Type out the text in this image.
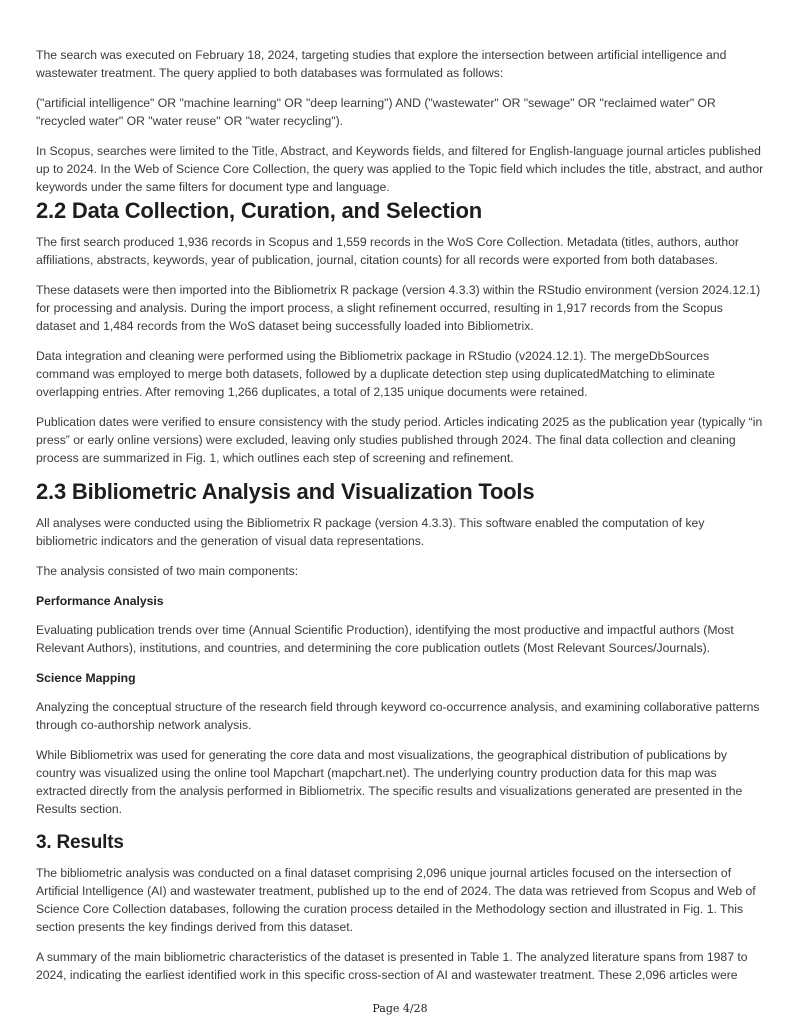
The search was executed on February 18, 2024, targeting studies that explore the intersection between artificial intelligence and wastewater treatment. The query applied to both databases was formulated as follows:

("artificial intelligence" OR "machine learning" OR "deep learning") AND ("wastewater" OR "sewage" OR "reclaimed water" OR "recycled water" OR "water reuse" OR "water recycling").

In Scopus, searches were limited to the Title, Abstract, and Keywords fields, and filtered for English-language journal articles published up to 2024. In the Web of Science Core Collection, the query was applied to the Topic field which includes the title, abstract, and author keywords under the same filters for document type and language.

2.2 Data Collection, Curation, and Selection

The first search produced 1,936 records in Scopus and 1,559 records in the WoS Core Collection. Metadata (titles, authors, author affiliations, abstracts, keywords, year of publication, journal, citation counts) for all records were exported from both databases.

These datasets were then imported into the Bibliometrix R package (version 4.3.3) within the RStudio environment (version 2024.12.1) for processing and analysis. During the import process, a slight refinement occurred, resulting in 1,917 records from the Scopus dataset and 1,484 records from the WoS dataset being successfully loaded into Bibliometrix.

Data integration and cleaning were performed using the Bibliometrix package in RStudio (v2024.12.1). The mergeDbSources command was employed to merge both datasets, followed by a duplicate detection step using duplicatedMatching to eliminate overlapping entries. After removing 1,266 duplicates, a total of 2,135 unique documents were retained.

Publication dates were verified to ensure consistency with the study period. Articles indicating 2025 as the publication year (typically “in press” or early online versions) were excluded, leaving only studies published through 2024. The final data collection and cleaning process are summarized in Fig. 1, which outlines each step of screening and refinement.

2.3 Bibliometric Analysis and Visualization Tools

All analyses were conducted using the Bibliometrix R package (version 4.3.3). This software enabled the computation of key bibliometric indicators and the generation of visual data representations.

The analysis consisted of two main components:

Performance Analysis

Evaluating publication trends over time (Annual Scientific Production), identifying the most productive and impactful authors (Most Relevant Authors), institutions, and countries, and determining the core publication outlets (Most Relevant Sources/Journals).

Science Mapping

Analyzing the conceptual structure of the research field through keyword co-occurrence analysis, and examining collaborative patterns through co-authorship network analysis.

While Bibliometrix was used for generating the core data and most visualizations, the geographical distribution of publications by country was visualized using the online tool Mapchart (mapchart.net). The underlying country production data for this map was extracted directly from the analysis performed in Bibliometrix. The specific results and visualizations generated are presented in the Results section.

3. Results

The bibliometric analysis was conducted on a final dataset comprising 2,096 unique journal articles focused on the intersection of Artificial Intelligence (AI) and wastewater treatment, published up to the end of 2024. The data was retrieved from Scopus and Web of Science Core Collection databases, following the curation process detailed in the Methodology section and illustrated in Fig. 1. This section presents the key findings derived from this dataset.

A summary of the main bibliometric characteristics of the dataset is presented in Table 1. The analyzed literature spans from 1987 to 2024, indicating the earliest identified work in this specific cross-section of AI and wastewater treatment. These 2,096 articles were

Page 4/28
